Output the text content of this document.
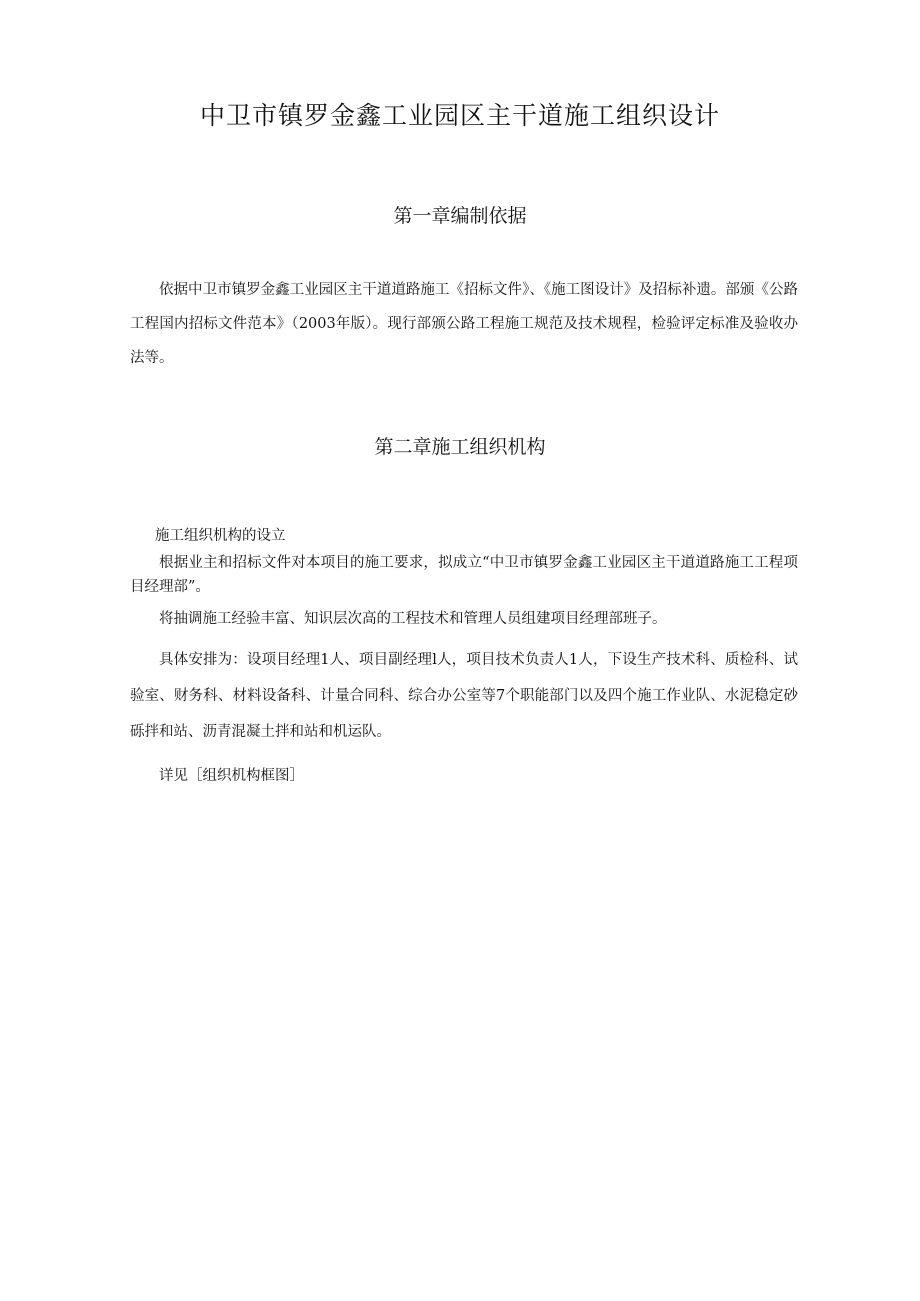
中卫市镇罗金鑫工业园区主干道施工组织设计
第一章编制依据

依据中卫市镇罗金鑫工业园区主干道道路施工《招标文件》、《施工图设计》及招标补遗。部颁《公路工程国内招标文件范本》（2003年版）。现行部颁公路工程施工规范及技术规程，检验评定标准及验收办法等。

第二章施工组织机构
施工组织机构的设立

根据业主和招标文件对本项目的施工要求，拟成立“中卫市镇罗金鑫工业园区主干道道路施工工程项目经理部”。

将抽调施工经验丰富、知识层次高的工程技术和管理人员组建项目经理部班子。

具体安排为：设项目经理1人、项目副经理l人，项目技术负责人1人，下设生产技术科、质检科、试验室、财务科、材料设备科、计量合同科、综合办公室等7个职能部门以及四个施工作业队、水泥稳定砂砾拌和站、沥青混凝土拌和站和机运队。

详见［组织机构框图］
